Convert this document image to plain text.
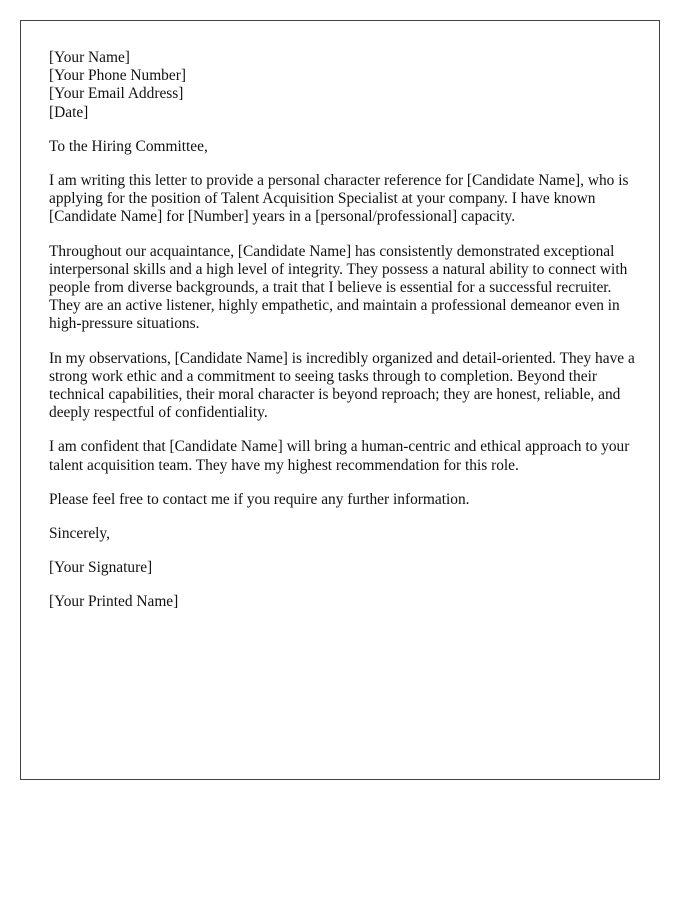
[Your Name]
[Your Phone Number]
[Your Email Address]
[Date]

To the Hiring Committee,

I am writing this letter to provide a personal character reference for [Candidate Name], who is applying for the position of Talent Acquisition Specialist at your company. I have known [Candidate Name] for [Number] years in a [personal/professional] capacity.

Throughout our acquaintance, [Candidate Name] has consistently demonstrated exceptional interpersonal skills and a high level of integrity. They possess a natural ability to connect with people from diverse backgrounds, a trait that I believe is essential for a successful recruiter. They are an active listener, highly empathetic, and maintain a professional demeanor even in high-pressure situations.

In my observations, [Candidate Name] is incredibly organized and detail-oriented. They have a strong work ethic and a commitment to seeing tasks through to completion. Beyond their technical capabilities, their moral character is beyond reproach; they are honest, reliable, and deeply respectful of confidentiality.

I am confident that [Candidate Name] will bring a human-centric and ethical approach to your talent acquisition team. They have my highest recommendation for this role.

Please feel free to contact me if you require any further information.

Sincerely,

[Your Signature]

[Your Printed Name]
